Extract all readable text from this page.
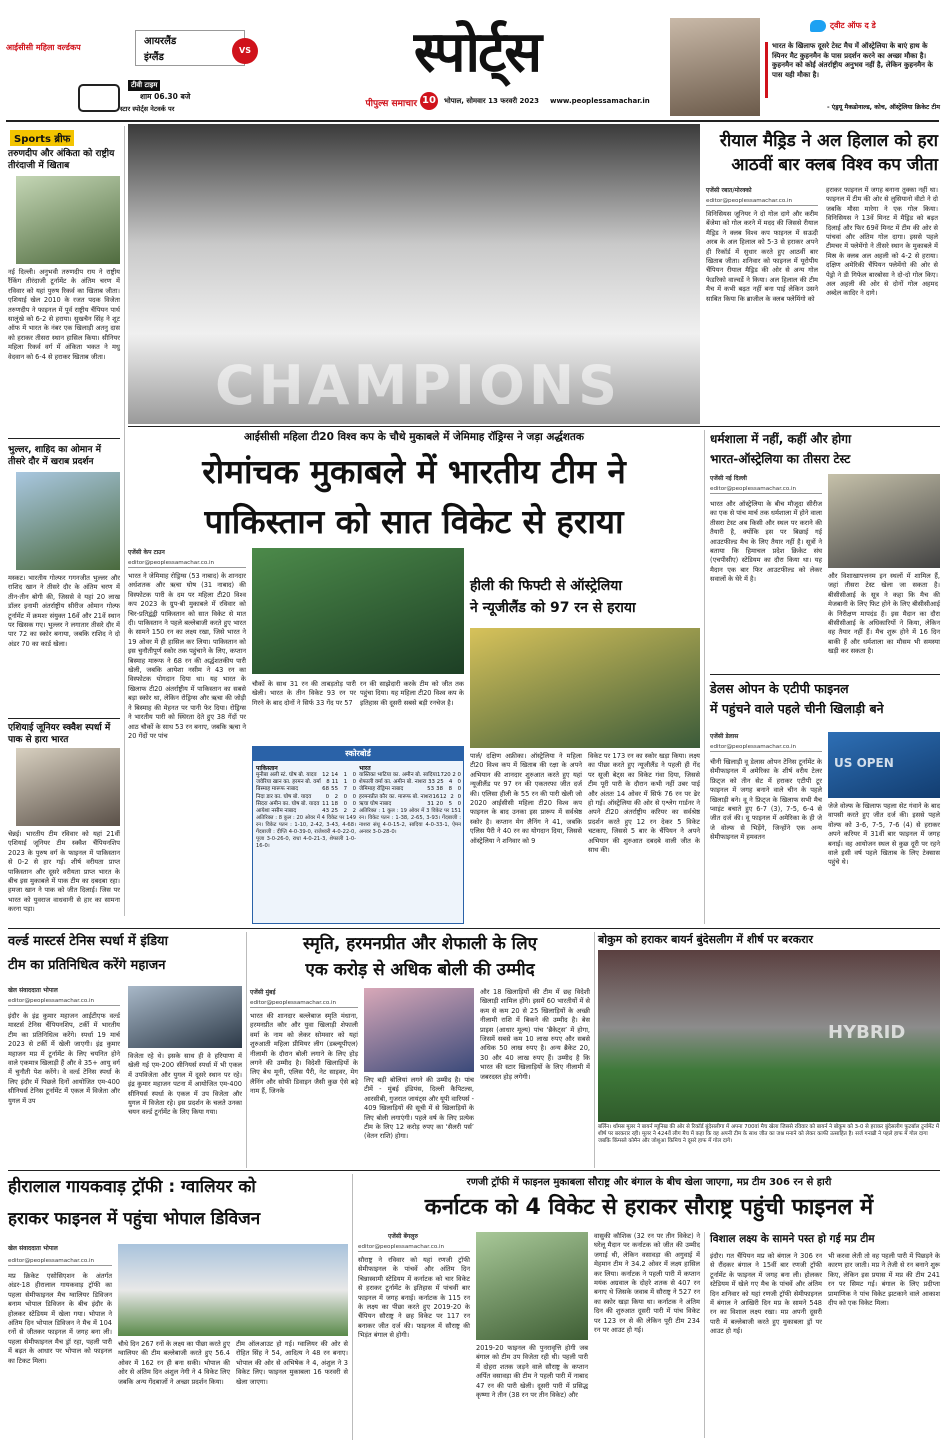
आईसीसी महिला वर्ल्डकप
आयरलैंड
इंग्लैंड
VS
टीवी टाइम
शाम 06.30 बजे
स्टार स्पोर्ट्स नेटवर्क पर
स्पोर्ट्स
पीपुल्स समाचार 10 भोपाल, सोमवार 13 फरवरी 2023 www.peoplessamachar.in
ट्वीट ऑफ द डे
भारत के खिलाफ दूसरे टेस्ट मैच में ऑस्ट्रेलिया के बाएं हाथ के स्पिनर मैट कुहनमैन के पास प्रदर्शन करने का अच्छा मौका है। कुहनमैन को कोई अंतर्राष्ट्रीय अनुभव नहीं है, लेकिन कुहनमैन के पास यही मौका है।
- एंड्रयू मैकडोनाल्ड, कोच, ऑस्ट्रेलिया क्रिकेट टीम
Sports ब्रीफ
तरुणदीप और अंकिता को राष्ट्रीय तीरंदाजी में खिताब
नई दिल्ली। अनुभवी तरुणदीप राय ने राष्ट्रीय रैंकिंग तीरंदाजी टूर्नामेंट के अंतिम चरण में रविवार को यहां पुरुष रिकर्व का खिताब जीता। एशियाई खेल 2010 के रजत पदक विजेता तरुणदीप ने फाइनल में पूर्व राष्ट्रीय चैंपियन पार्थ सालुंखे को 6-2 से हराया। सुखचैन सिंह ने शूट ऑफ में भारत के नंबर एक खिलाड़ी अतनु दास को हराकर तीसरा स्थान हासिल किया। सीनियर महिला रिकर्व वर्ग में अंकिता भकत ने मधु वेदवान को 6-4 से हराकर खिताब जीता।
भुल्लर, शाहिद का ओमान में तीसरे दौर में खराब प्रदर्शन
मस्कट। भारतीय गोल्फर गगनजीत भुल्लर और राशिद खान ने तीसरे दौर के अंतिम चरण में तीन-तीन बोगी की, जिससे वे यहां 20 लाख डॉलर इनामी अंतर्राष्ट्रीय सीरीज ओमान गोल्फ टूर्नामेंट में क्रमशः संयुक्त 16वें और 21वें स्थान पर खिसक गए। भुल्लर ने लगातार तीसरे दौर में पार 72 का स्कोर बनाया, जबकि राशिद ने दो अंडर 70 का कार्ड खेला।
एशियाई जूनियर स्क्वैश स्पर्धा में पाक से हारा भारत
चेन्नई। भारतीय टीम रविवार को यहां 21वीं एशियाई जूनियर टीम स्क्वैश चैंपियनशिप 2023 के पुरुष वर्ग के फाइनल में पाकिस्तान से 0-2 से हार गई। शीर्ष वरीयता प्राप्त पाकिस्तान और दूसरे वरीयता प्राप्त भारत के बीच इस मुकाबले में पाक टीम का दबदबा रहा। हमजा खान ने पाक को जीत दिलाई। जिस पर भारत को युवराज वाधवानी से हार का सामना करना पड़ा।
CHAMPIONS
रीयाल मैड्रिड ने अल हिलाल को हरा
आठवीं बार क्लब विश्व कप जीता
एजेंसी रबात/मोरक्को
editor@peoplessamachar.co.in
विनिसियस जूनियर ने दो गोल दागे और करीम बेंजेमा को गोल करने में मदद की जिससे रीयाल मैड्रिड ने क्लब विश्व कप फाइनल में सऊदी अरब के अल हिलाल को 5-3 से हराकर अपने ही रिकॉर्ड में सुधार करते हुए आठवीं बार खिताब जीता। शनिवार को फाइनल में यूरोपीय चैंपियन रीयाल मैड्रिड की ओर से अन्य गोल फेडरिको वाल्वर्डे ने किया। अल हिलाल की टीम मैच में कभी बढ़त नहीं बना पाई लेकिन उसने साबित किया कि ब्राजील के क्लब फ्लेमिंगो को
हराकर फाइनल में जगह बनाना तुक्का नहीं था। फाइनल में टीम की ओर से लुसियानो वीटो ने दो जबकि मौसा मारेगा ने एक गोल किया। विनिसियस ने 13वें मिनट में मैड्रिड को बढ़त दिलाई और फिर 69वें मिनट में टीम की ओर से पांचवां और अंतिम गोल दागा। इससे पहले टीमचर में फ्लेमेंगो ने तीसरे स्थान के मुकाबले में मिस्र के क्लब अल अहली को 4-2 से हराया। दक्षिण अमेरिकी चैंपियन फ्लेमेंगो की ओर से पेड्रो ने डी गिफेल बारबोसा ने दो-दो गोल किए। अल अहली की ओर से दोनों गोल अहमद अब्देल कादिर ने दागे।
आईसीसी महिला टी20 विश्व कप के चौथे मुकाबले में जेमिमाह रॉड्रिग्स ने जड़ा अर्द्धशतक
रोमांचक मुकाबले में भारतीय टीम ने
पाकिस्तान को सात विकेट से हराया
एजेंसी केप टाउन
editor@peoplessamachar.co.in
भारत ने जेमिमाह रोड्रिग्स (53 नाबाद) के शानदार अर्धशतक और ऋचा घोष (31 नाबाद) की विस्फोटक पारी के दम पर महिला टी20 विश्व कप 2023 के ग्रुप-बी मुकाबले में रविवार को चिर-प्रतिद्वंद्वी पाकिस्तान को सात विकेट से मात दी। पाकिस्तान ने पहले बल्लेबाजी करते हुए भारत के सामने 150 रन का लक्ष्य रखा, जिसे भारत ने 19 ओवर में ही हासिल कर लिया। पाकिस्तान को इस चुनौतीपूर्ण स्कोर तक पहुंचाने के लिए, कप्तान बिस्माह मारूफ ने 68 रन की अर्द्धशतकीय पारी खेली, जबकि आयेशा नसीम ने 43 रन का विस्फोटक योगदान दिया था। यह भारत के खिलाफ टी20 अंतर्राष्ट्रीय में पाकिस्तान का सबसे बड़ा स्कोर था, लेकिन रोड्रिग्स और ऋचा की जोड़ी ने बिस्माह की मेहनत पर पानी फेर दिया। रोड्रिग्स ने भारतीय पारी को स्थिरता देते हुए 38 गेंदों पर आठ चौकों के साथ 53 रन बनाए, जबकि ऋचा ने 20 गेंदों पर पांच
चौकों के साथ 31 रन की ताबड़तोड़ पारी खेली। भारत के तीन विकेट 93 रन पर गिरने के बाद दोनों ने सिर्फ 33 गेंद पर 57
रन की साझेदारी करके टीम को जीत तक पहुंचा दिया। यह महिला टी20 विश्व कप के इतिहास की दूसरी सबसे बड़ी रनचेज है।
स्कोरबोर्ड
पाकिस्तान
मुनीबा अली स्टं. घोष बो. यादव	12 14	1	0
जवेरिया खान का. हरमन बो. वर्मा 8 11 1 0
बिस्माह मारूफ नाबाद	68 55	7	0
निदा डार का. घोष बो. यादव	0	2	0	0
सिदरा अमीन का. घोष बो. यादव 11 18	0	0
आयेशा नसीम नाबाद	43 25	2	2
अतिरिक्त : 8 कुल : 20 ओवर में 4 विकेट पर 149 रन। विकेट पतन : 1-10, 2-42, 3-43, 4-68। गेंदबाजी : दीप्ति 4-0-39-0, राजेश्वरी 4-0-22-0, पूजा 3-0-26-0, राधा 4-0-21-3, शेफाली 1-0-16-0।
भारत
यास्तिका भाटिया का. अमीन बो. सादिया 17 20 2 0
शेफाली वर्मा का. अमीन बो. नाशरा 33 25 4 0
जेमिमाह रोड्रिग्स नाबाद	53 38	8	0
हरमनप्रीत कौर का. मारूफ बो. नाशरा 16 12 2 0
ऋचा घोष नाबाद	31 20	5	0
अतिरिक्त : 1 कुल : 19 ओवर में 3 विकेट पर 151 रन। विकेट पतन : 1-38, 2-65, 3-93। गेंदबाजी : नाशरा संधू 4-0-15-2, सादिया 4-0-33-1, ऐमन अनवर 3-0-28-0।
हीली की फिफ्टी से ऑस्ट्रेलिया
ने न्यूजीलैंड को 97 रन से हराया
पार्ल/ दक्षिण अफ्रीका। ऑस्ट्रेलिया ने महिला टी20 विश्व कप में खिताब की रक्षा के अपने अभियान की शानदार शुरुआत करते हुए यहां न्यूजीलैंड पर 97 रन की एकतरफा जीत दर्ज की। एलिसा हीली के 55 रन की पारी खेली जो 2020 आईसीसी महिला टी20 विश्व कप फाइनल के बाद उनका इस प्रारूप में सर्वश्रेष्ठ स्कोर है। कप्तान मेग लैनिंग ने 41, जबकि एलिस पैरी ने 40 रन का योगदान दिया, जिससे ऑस्ट्रेलिया ने शनिवार को 9
विकेट पर 173 रन का स्कोर खड़ा किया। लक्ष्य का पीछा करते हुए न्यूजीलैंड ने पहली ही गेंद पर सूजी बेट्स का विकेट गंवा दिया, जिससे टीम पूरी पारी के दौरान कभी नहीं उबर पाई और अंततः 14 ओवर में सिर्फ 76 रन पर ढेर हो गई। ऑस्ट्रेलिया की ओर से एश्लेग गार्डनर ने अपने टी20 अंतर्राष्ट्रीय करियर का सर्वश्रेष्ठ प्रदर्शन करते हुए 12 रन देकर 5 विकेट चटकाए, जिससे 5 बार के चैंपियन ने अपने अभियान की शुरुआत दबदबे वाली जीत के साथ की।
धर्मशाला में नहीं, कहीं और होगा
भारत-ऑस्ट्रेलिया का तीसरा टेस्ट
एजेंसी नई दिल्ली
editor@peoplessamachar.co.in
भारत और ऑस्ट्रेलिया के बीच मौजूदा सीरीज का एक से पांच मार्च तक धर्मशाला में होने वाला तीसरा टेस्ट अब किसी और स्थल पर कराने की तैयारी है, क्योंकि इस पर बिछाई गई आउटफील्ड मैच के लिए तैयार नहीं है। सूत्रों ने बताया कि हिमाचल प्रदेश क्रिकेट संघ (एचपीसीए) स्टेडियम का दौरा किया था। यह मैदान एक बार फिर आउटफील्ड को लेकर सवालों के घेरे में है।	और विशाखापत्तनम इन स्थलों में शामिल हैं, जहां तीसरा टेस्ट खेला जा सकता है। बीसीसीआई के सूत्र ने कहा कि मैच की मेजबानी के लिए फिट होने के लिए बीसीसीआई के निरीक्षण मापदंड हैं। इस मैदान का दौरा बीसीसीआई के अधिकारियों ने किया, लेकिन वह तैयार नहीं हैं। मैच शुरू होने में 16 दिन बाकी हैं और धर्मशाला का मौसम भी समस्या खड़ी कर सकता है।
डेलस ओपन के एटीपी फाइनल
में पहुंचने वाले पहले चीनी खिलाड़ी बने
एजेंसी डेलास
editor@peoplessamachar.co.in
US OPEN
चीनी खिलाड़ी वू डेलास ओपन टेनिस टूर्नामेंट के सेमीफाइनल में अमेरिका के शीर्ष वरीय टेलर फ्रिट्ज को तीन सेट में हराकर एटीपी टूर फाइनल में जगह बनाने वाले चीन के पहले खिलाड़ी बने। वू ने फ्रिट्ज के खिलाफ सभी मैच प्वाइंट बचाते हुए 6-7 (3), 7-5, 6-4 से जीत दर्ज की। वू फाइनल में अमेरिका के ही जे जे वोल्फ से भिड़ेंगे, जिन्होंने एक अन्य सेमीफाइनल में हमवतन
जेजे वोल्फ के खिलाफ पहला सेट गंवाने के बाद वापसी करते हुए जीत दर्ज की। इससे पहले वोल्फ को 3-6, 7-5, 7-6 (4) से हराकर अपने करियर में 31वीं बार फाइनल में जगह बनाई। वह आयोजन स्थल से कुछ दूरी पर रहने वाले इसी वर्ष पहले खिताब के लिए टेक्सास पहुंचे थे।
वर्ल्ड मास्टर्स टेनिस स्पर्धा में इंडिया
टीम का प्रतिनिधित्व करेंगे महाजन
खेल संवाददाता भोपाल
editor@peoplessamachar.co.in
इंदौर के इंद्र कुमार महाजन आईटीएफ वर्ल्ड मास्टर्स टेनिस चैंपियनशिप, टर्की में भारतीय टीम का प्रतिनिधित्व करेंगे। स्पर्धा 19 मार्च 2023 से टर्की में खेली जाएगी। इंद्र कुमार महाजन मप्र में टूर्नामेंट के लिए चयनित होने वाले एकमात्र खिलाड़ी हैं और वे 35+ आयु वर्ग में चुनौती पेश करेंगे। वे वर्ल्ड टेनिस स्पर्धा के लिए इंदौर में पिछले दिनों आयोजित एम-400 सीनियर्स टेनिस टूर्नामेंट में एकल में विजेता और युगल में उप
विजेता रहे थे। इसके साथ ही वे हरियाणा में खेली गई एम-200 सीनियर्स स्पर्धा में भी एकल में उपविजेता और युगल में दूसरे स्थान पर रहे। इंद्र कुमार महाजन पटना में आयोजित एम-400 सीनियर्स स्पर्धा के एकल में उप विजेता और युगल में विजेता रहे। इस प्रदर्शन के चलते उनका चयन वर्ल्ड टूर्नामेंट के लिए किया गया।
स्मृति, हरमनप्रीत और शेफाली के लिए
एक करोड़ से अधिक बोली की उम्मीद
एजेंसी मुंबई
editor@peoplessamachar.co.in
भारत की शानदार बल्लेबाज स्मृति मंधाना, हरमनप्रीत कौर और युवा खिलाड़ी शेफाली वर्मा के नाम को लेकर सोमवार को यहां शुरुआती महिला प्रीमियर लीग (डब्ल्यूपीएल) नीलामी के दौरान बोली लगाने के लिए होड़ लगने की उम्मीद है। विदेशी खिलाड़ियों के लिए बेथ मूनी, एलिस पैरी, नेट साइवर, मेग लैनिंग और सोफी डिवाइन जैसी कुछ ऐसे बड़े नाम हैं, जिनके
लिए बड़ी बोलियां लगने की उम्मीद है। पांच टीमें - मुंबई इंडियंस, दिल्ली कैपिटल्स, आरसीबी, गुजरात जायंट्स और यूपी वारियर्स - 409 खिलाड़ियों की सूची में से खिलाड़ियों के लिए बोली लगाएंगी। पहले वर्ष के लिए प्रत्येक टीम के लिए 12 करोड़ रुपए का ‘सैलरी पर्स’ (वेतन राशि) होगा।
और 18 खिलाड़ियों की टीम में छह विदेशी खिलाड़ी शामिल होंगे। इसमें 60 भारतीयों में से कम से कम 20 से 25 खिलाड़ियों के अच्छी नीलामी राशि में बिकने की उम्मीद है। बेस प्राइस (आधार मूल्य) पांच ‘ब्रैकेट्स’ में होगा, जिसमें सबसे कम 10 लाख रुपए और सबसे अधिक 50 लाख रुपए है। अन्य ब्रैकेट 20, 30 और 40 लाख रुपए हैं। उम्मीद है कि भारत की स्टार खिलाड़ियों के लिए नीलामी में जबरदस्त होड़ लगेगी।
बोकुम को हराकर बायर्न बुंदेसलीग में शीर्ष पर बरकरार
HYBRID
बर्लिन। थॉमस मूलर ने बायर्न म्यूनिख की ओर से रिकॉर्ड बुंदेसलीगा में अपना 700वां मैच खेला जिससे रविवार को बायर्न ने बोकुम को 3-0 से हराकर बुंदेसलीग फुटबॉल टूर्नामेंट में शीर्ष पर बरकरार रही। मूलर ने 424वें लीग मैच में कहा कि वह अपनी टीम के साथ जीत का जश्न मनाने को लेकर काफी उत्साहित है। सर्ज गनाब्री ने पहले हाफ में गोल दागा जबकि किंग्सले कोमैन और जोशुआ किमिच ने दूसरे हाफ में गोल दागे।
हीरालाल गायकवाड़ ट्रॉफी : ग्वालियर को
हराकर फाइनल में पहुंचा भोपाल डिविजन
खेल संवाददाता भोपाल
editor@peoplessamachar.co.in
मप्र क्रिकेट एसोसिएशन के अंतर्गत अंडर-18 हीरालाल गायकवाड़ ट्रॉफी का पहला सेमीफाइनल मैच ग्वालियर डिविजन बनाम भोपाल डिविजन के बीच इंदौर के होलकर स्टेडियम में खेला गया। भोपाल ने अंतिम दिन भोपाल डिविजन ने मैच में 104 रनों से जीतकर फाइनल में जगह बना ली। पहला सेमीफाइनल मैच ड्रॉ रहा, पहली पारी में बढ़त के आधार पर भोपाल को फाइनल का टिकट मिला।
चौथे दिन 267 रनों के लक्ष्य का पीछा करते हुए ग्वालियर की टीम बल्लेबाजी करते हुए 56.4 ओवर में 162 रन ही बना सकी। भोपाल की ओर से अंतिम दिन अंशुल नेगी ने 4 विकेट लिए जबकि अन्य गेंदबाजों ने अच्छा प्रदर्शन किया।
टीम ऑलआउट हो गई। ग्वालियर की ओर से रोहित सिंह ने 54, आदित्य ने 48 रन बनाए। भोपाल की ओर से अभिषेक ने 4, अंशुल ने 3 विकेट लिए। फाइनल मुकाबला 16 फरवरी से खेला जाएगा।
रणजी ट्रॉफी में फाइनल मुकाबला सौराष्ट्र और बंगाल के बीच खेला जाएगा, मप्र टीम 306 रन से हारी
कर्नाटक को 4 विकेट से हराकर सौराष्ट्र पहुंची फाइनल में
एजेंसी बेंगलुरु
editor@peoplessamachar.co.in
सौराष्ट्र ने रविवार को यहां रणजी ट्रॉफी सेमीफाइनल के पांचवें और अंतिम दिन चिन्नास्वामी स्टेडियम में कर्नाटक को चार विकेट से हराकर टूर्नामेंट के इतिहास में पांचवीं बार फाइनल में जगह बनाई। कर्नाटक के 115 रन के लक्ष्य का पीछा करते हुए 2019-20 के चैंपियन सौराष्ट्र ने छह विकेट पर 117 रन बनाकर जीत दर्ज की। फाइनल में सौराष्ट्र की भिड़ंत बंगाल से होगी।
2019-20 फाइनल की पुनरावृत्ति होगी जब बंगाल को टीम उप विजेता रही थी। पहली पारी में दोहरा शतक जड़ने वाले सौराष्ट्र के कप्तान अर्पित वसावड़ा की टीम ने पहली पारी में नाबाद 47 रन की पारी खेली। दूसरी पारी में प्रसिद्ध कृष्णा ने तीन (38 रन पर तीन विकेट) और
वासुकी कौशिक (32 रन पर तीन विकेट) ने घरेलू मैदान पर कर्नाटक को जीत की उम्मीद जगाई थी, लेकिन वसावड़ा की अगुवाई में मेहमान टीम ने 34.2 ओवर में लक्ष्य हासिल कर लिया। कर्नाटक ने पहली पारी में कप्तान मयंक अग्रवाल के दोहरे शतक से 407 रन बनाए थे जिसके जवाब में सौराष्ट्र ने 527 रन का स्कोर खड़ा किया था। कर्नाटक ने अंतिम दिन की शुरुआत दूसरी पारी में पांच विकेट पर 123 रन से की लेकिन पूरी टीम 234 रन पर आउट हो गई।
विशाल लक्ष्य के सामने पस्त हो गई मप्र टीम
इंदौर। गत चैंपियन मप्र को बंगाल ने 306 रन से रौंदकर बंगाल ने 15वीं बार रणजी ट्रॉफी टूर्नामेंट के फाइनल में जगह बना ली। होलकर स्टेडियम में खेले गए मैच के पांचवें और अंतिम दिन शनिवार को यहां रणजी ट्रॉफी सेमीफाइनल में बंगाल ने आखिरी दिन मप्र के सामने 548 रन का विशाल लक्ष्य रखा। मप्र अपनी दूसरी पारी में बल्लेबाजी करते हुए मुकाबला ड्रॉ पर आउट हो गई।
भी करवा लेती तो वह पहली पारी में पिछड़ने के कारण हार जाती। मप्र ने तेजी से रन बनाने शुरू किए, लेकिन इस प्रयास में मप्र की टीम 241 रन पर सिमट गई। बंगाल के लिए प्रदीप्ता प्रामाणिक ने पांच विकेट झटकाने वाले आकाश दीप को एक विकेट मिला।
